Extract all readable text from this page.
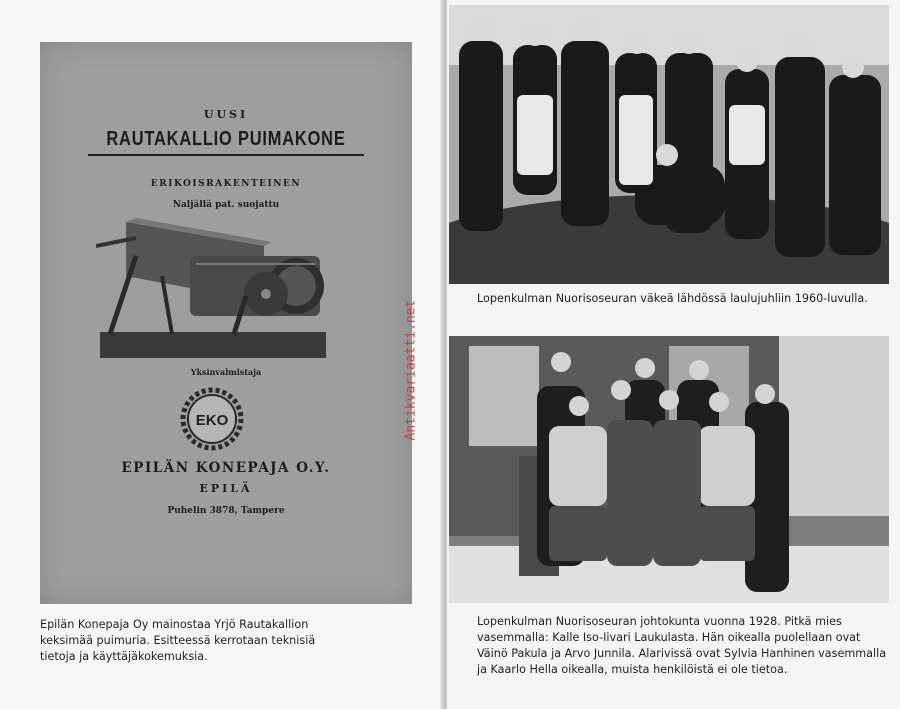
UUSI
RAUTAKALLIO PUIMAKONE
ERIKOISRAKENTEINEN
Naljällä pat. suojattu
Yksinvalmistaja
EKO
EPILÄN KONEPAJA O.Y.
EPILÄ
Puhelin 3878, Tampere
Antikvariaatti.net

Epilän Konepaja Oy mainostaa Yrjö Rautakallion keksimää puimuria. Esitteessä kerrotaan teknisiä tietoja ja käyttäjäkokemuksia.

Lopenkulman Nuorisoseuran väkeä lähdössä laulujuhliin 1960-luvulla.

Lopenkulman Nuorisoseuran johtokunta vuonna 1928. Pitkä mies vasemmalla: Kalle Iso-Iivari Laukulasta. Hän oikealla puolellaan ovat Väinö Pakula ja Arvo Junnila. Alarivissä ovat Sylvia Hanhinen vasemmalla ja Kaarlo Hella oikealla, muista henkilöistä ei ole tietoa.
